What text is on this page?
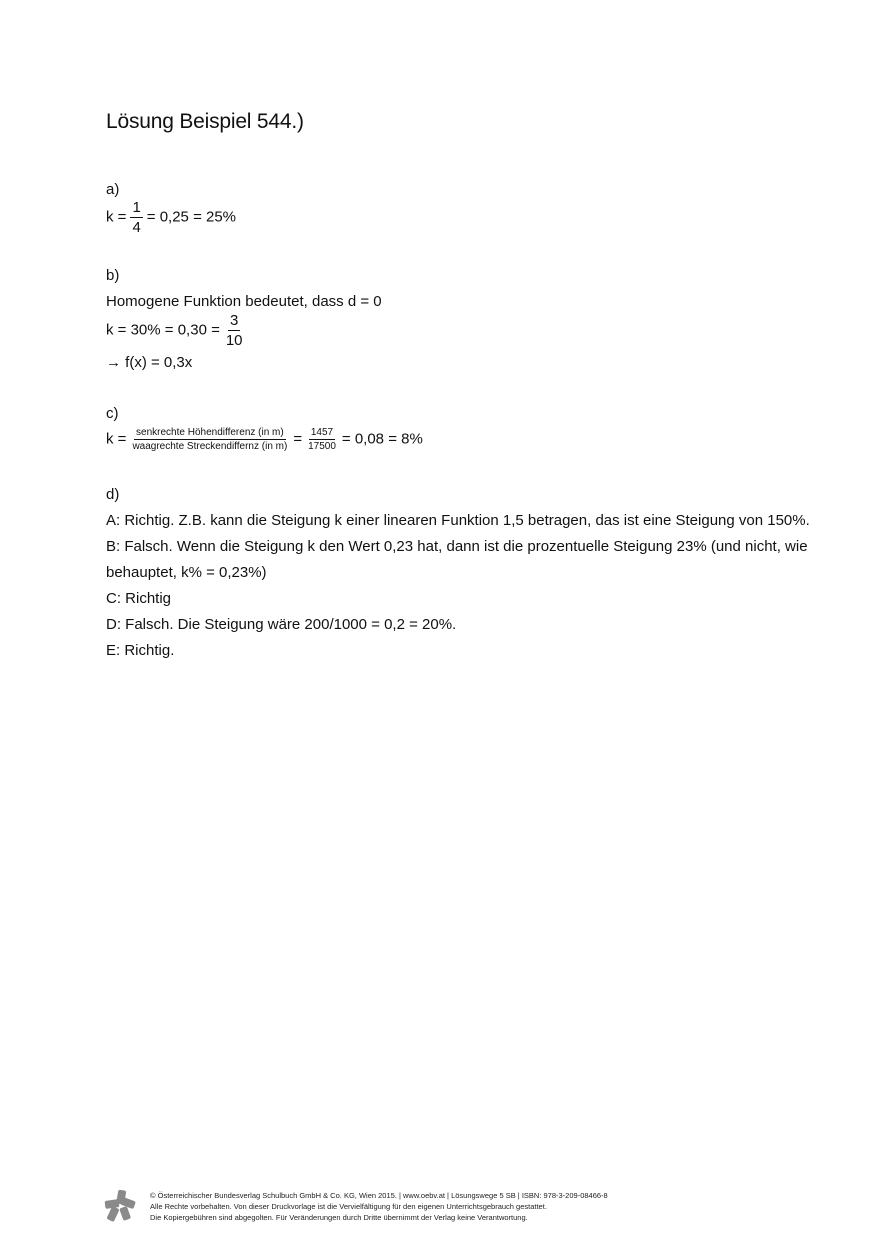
Lösung Beispiel 544.)
a)
$k = \frac{1}{4} = 0,25 = 25\%$
b)
Homogene Funktion bedeutet, dass d = 0
$k = 30\% = 0,30 = \frac{3}{10}$
→ f(x) = 0,3x
c)
$k = \frac{\text{senkrechte Höhendifferenz (in m)}}{\text{waagrechte Streckendiffernz (in m)}} = \frac{1457}{17500} = 0,08 = 8\%$
d)
A: Richtig. Z.B. kann die Steigung k einer linearen Funktion 1,5 betragen, das ist eine Steigung von 150%.
B: Falsch. Wenn die Steigung k den Wert 0,23 hat, dann ist die prozentuelle Steigung 23% (und nicht, wie
behauptet, k% = 0,23%)
C: Richtig
D: Falsch. Die Steigung wäre 200/1000 = 0,2 = 20%.
E: Richtig.
© Österreichischer Bundesverlag Schulbuch GmbH & Co. KG, Wien 2015. | www.oebv.at | Lösungswege 5 SB | ISBN: 978-3-209-08466-8
Alle Rechte vorbehalten. Von dieser Druckvorlage ist die Vervielfältigung für den eigenen Unterrichtsgebrauch gestattet.
Die Kopiergebühren sind abgegolten. Für Veränderungen durch Dritte übernimmt der Verlag keine Verantwortung.
